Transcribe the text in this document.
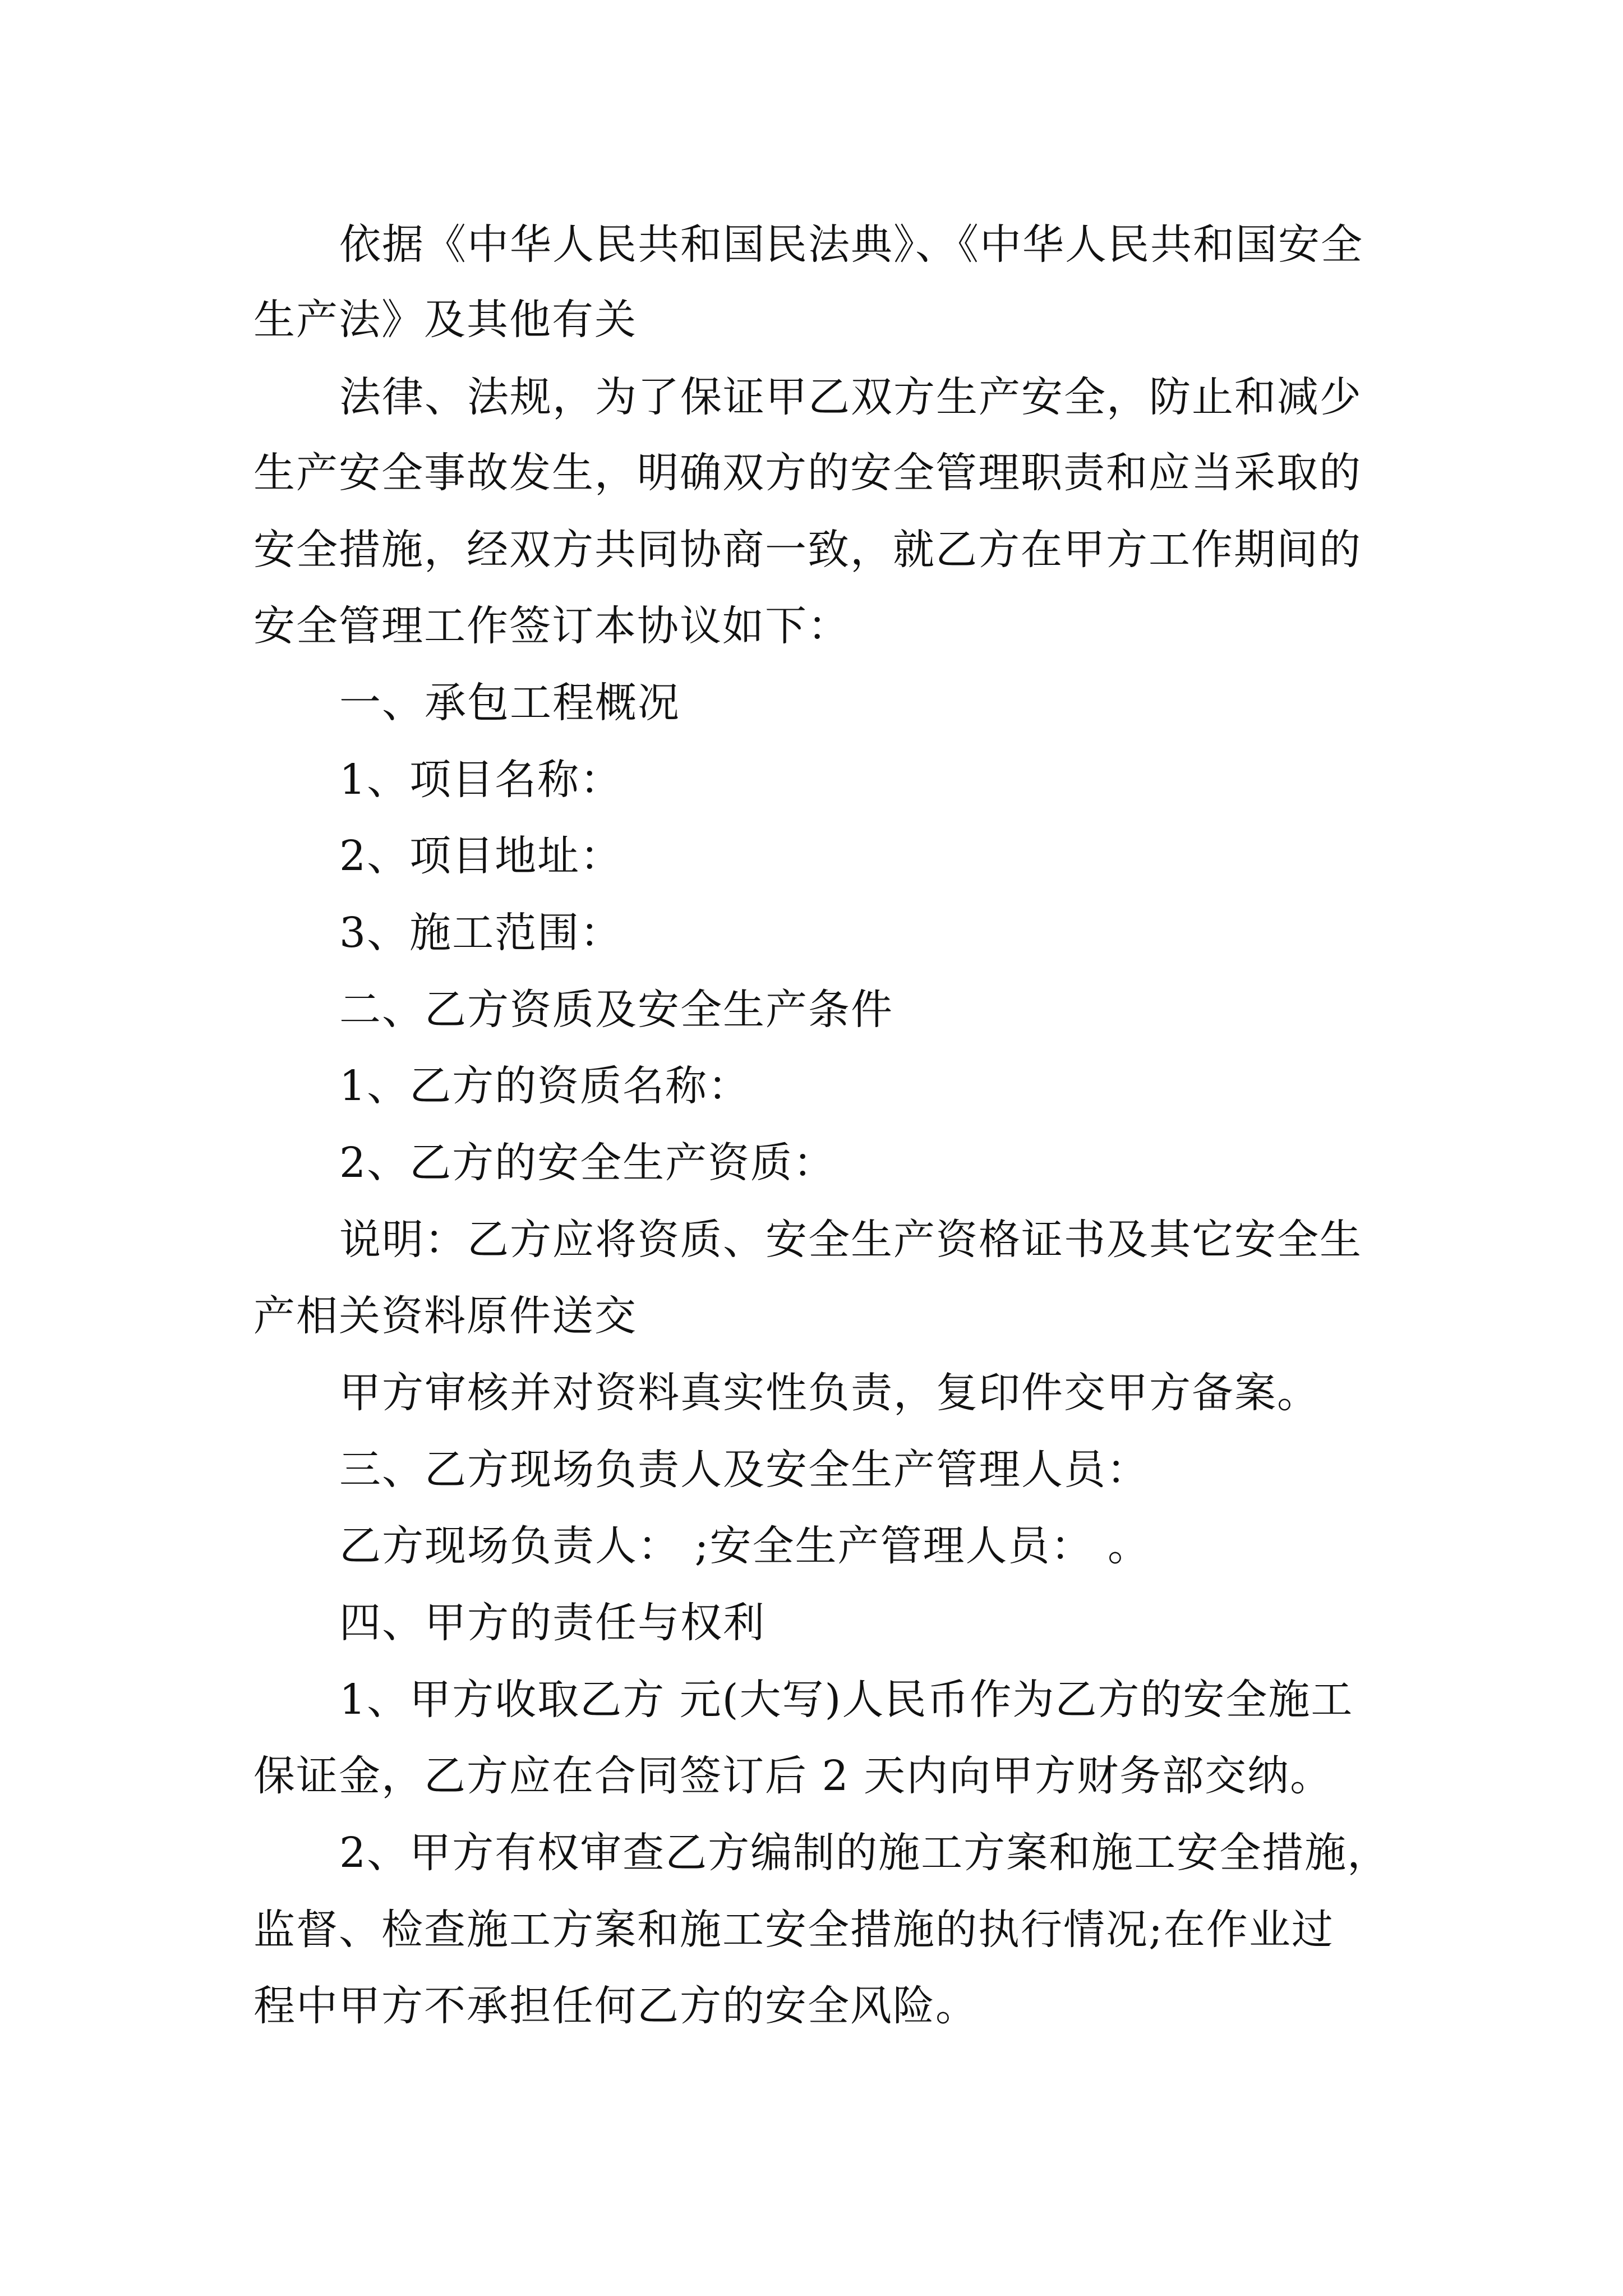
依据《中华人民共和国民法典》、《中华人民共和国安全
生产法》及其他有关
法律、法规，为了保证甲乙双方生产安全，防止和减少
生产安全事故发生，明确双方的安全管理职责和应当采取的
安全措施，经双方共同协商一致，就乙方在甲方工作期间的
安全管理工作签订本协议如下：
一、承包工程概况
1、项目名称：
2、项目地址：
3、施工范围：
二、乙方资质及安全生产条件
1、乙方的资质名称：
2、乙方的安全生产资质：
说明：乙方应将资质、安全生产资格证书及其它安全生
产相关资料原件送交
甲方审核并对资料真实性负责，复印件交甲方备案。
三、乙方现场负责人及安全生产管理人员：
乙方现场负责人： ;安全生产管理人员： 。
四、甲方的责任与权利
1、甲方收取乙方 元(大写)人民币作为乙方的安全施工
保证金，乙方应在合同签订后 2 天内向甲方财务部交纳。
2、甲方有权审查乙方编制的施工方案和施工安全措施，
监督、检查施工方案和施工安全措施的执行情况;在作业过
程中甲方不承担任何乙方的安全风险。
